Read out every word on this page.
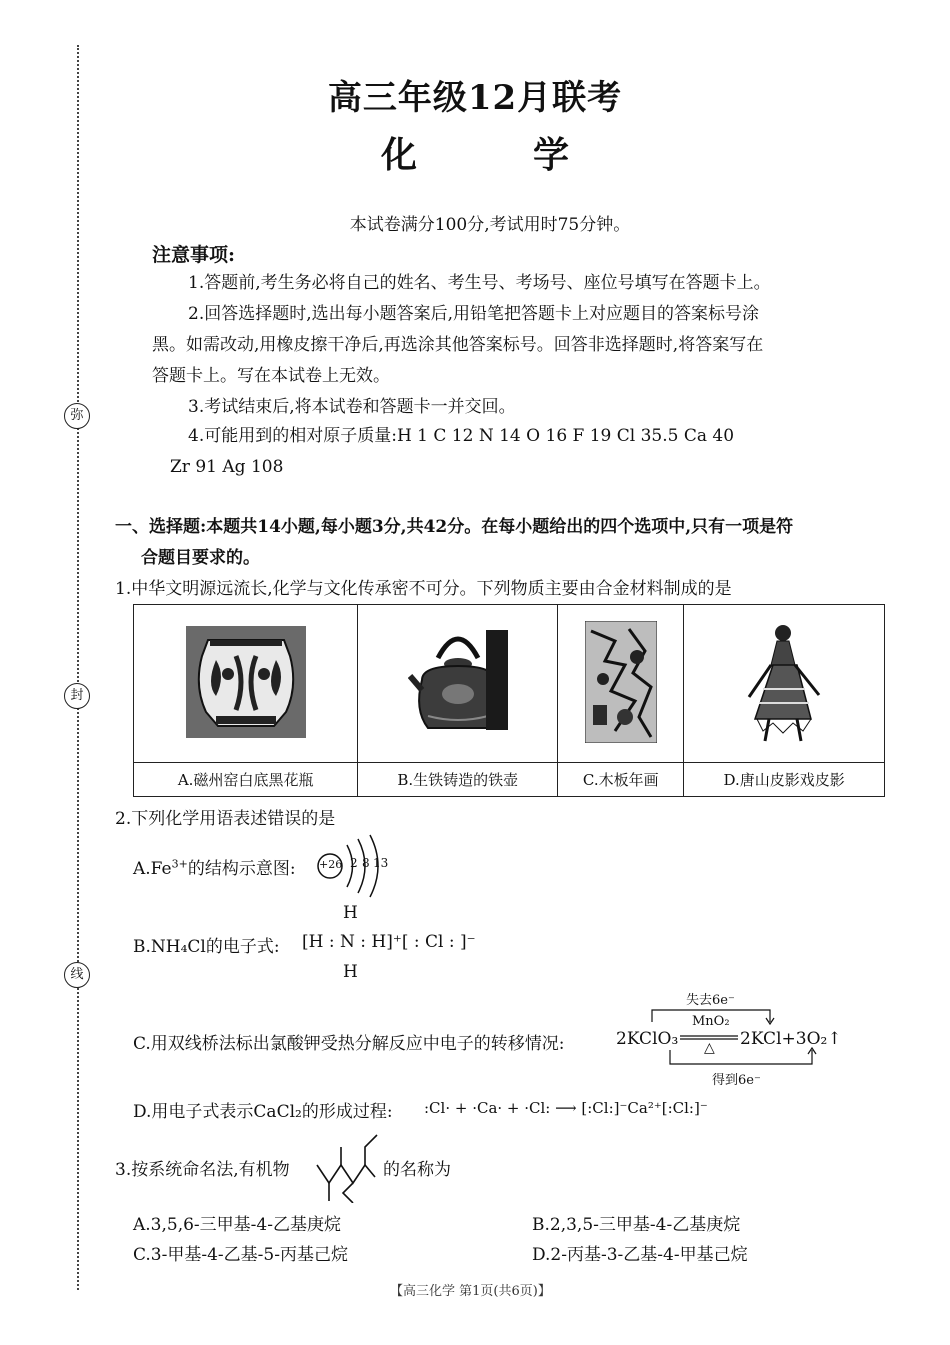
弥
封
线
高三年级12月联考
化	学
本试卷满分100分,考试用时75分钟。
注意事项:
1.答题前,考生务必将自己的姓名、考生号、考场号、座位号填写在答题卡上。
2.回答选择题时,选出每小题答案后,用铅笔把答题卡上对应题目的答案标号涂
黑。如需改动,用橡皮擦干净后,再选涂其他答案标号。回答非选择题时,将答案写在
答题卡上。写在本试卷上无效。
3.考试结束后,将本试卷和答题卡一并交回。
4.可能用到的相对原子质量:H 1 C 12 N 14 O 16 F 19 Cl 35.5 Ca 40
Zr 91 Ag 108
一、选择题:本题共14小题,每小题3分,共42分。在每小题给出的四个选项中,只有一项是符
合题目要求的。
1.中华文明源远流长,化学与文化传承密不可分。下列物质主要由合金材料制成的是

A.磁州窑白底黑花瓶	B.生铁铸造的铁壶	C.木板年画	D.唐山皮影戏皮影
2.下列化学用语表述错误的是
$A.Fe^{3+}$的结构示意图: +26 2 8 13
B.NH₄Cl的电子式:
H
[H : N : H]⁺[ : Cl : ]⁻
H
C.用双线桥法标出氯酸钾受热分解反应中电子的转移情况:
失去6e⁻
MnO₂
△
2KClO₃	2KCl+3O₂↑
得到6e⁻
D.用电子式表示CaCl₂的形成过程: :Cl· + ·Ca· + ·Cl: ⟶ [:Cl:]⁻Ca²⁺[:Cl:]⁻
3.按系统命名法,有机物	的名称为
A.3,5,6-三甲基-4-乙基庚烷	B.2,3,5-三甲基-4-乙基庚烷
C.3-甲基-4-乙基-5-丙基己烷	D.2-丙基-3-乙基-4-甲基己烷
【高三化学 第1页(共6页)】
